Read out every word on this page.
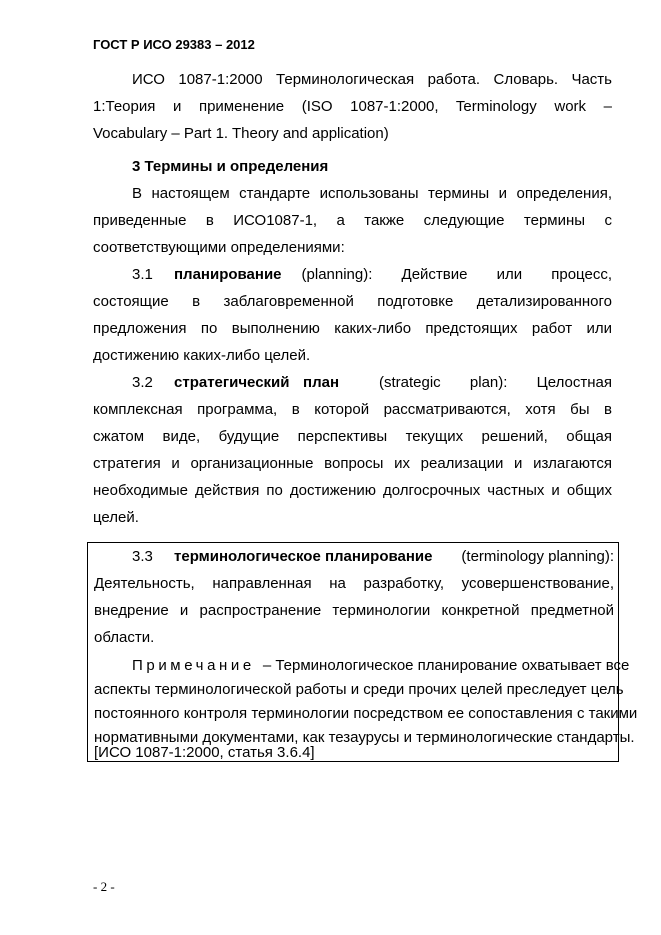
ГОСТ Р ИСО 29383 – 2012
ИСО 1087-1:2000 Терминологическая работа. Словарь. Часть
1:Теория и применение (ISO 1087-1:2000, Terminology work –
Vocabulary – Part 1. Theory and application)
3 Термины и определения
В настоящем стандарте использованы термины и определения,
приведенные в ИСО1087-1, а также следующие термины с
соответствующими определениями:
3.1	планирование (planning): Действие или процесс,
состоящие в заблаговременной подготовке детализированного
предложения по выполнению каких-либо предстоящих работ или
достижению каких-либо целей.
3.2	стратегический план	(strategic plan): Целостная
комплексная программа, в которой рассматриваются, хотя бы в
сжатом виде, будущие перспективы текущих решений, общая
стратегия и организационные вопросы их реализации и излагаются
необходимые действия по достижению долгосрочных частных и общих
целей.
3.3	терминологическое планирование	(terminology planning):
Деятельность, направленная на разработку, усовершенствование,
внедрение и распространение терминологии конкретной предметной
области.
Примечание – Терминологическое планирование охватывает все
аспекты терминологической работы и среди прочих целей преследует цель
постоянного контроля терминологии посредством ее сопоставления с такими
нормативными документами, как тезаурусы и терминологические стандарты.
[ИСО 1087-1:2000, статья 3.6.4]
- 2 -
